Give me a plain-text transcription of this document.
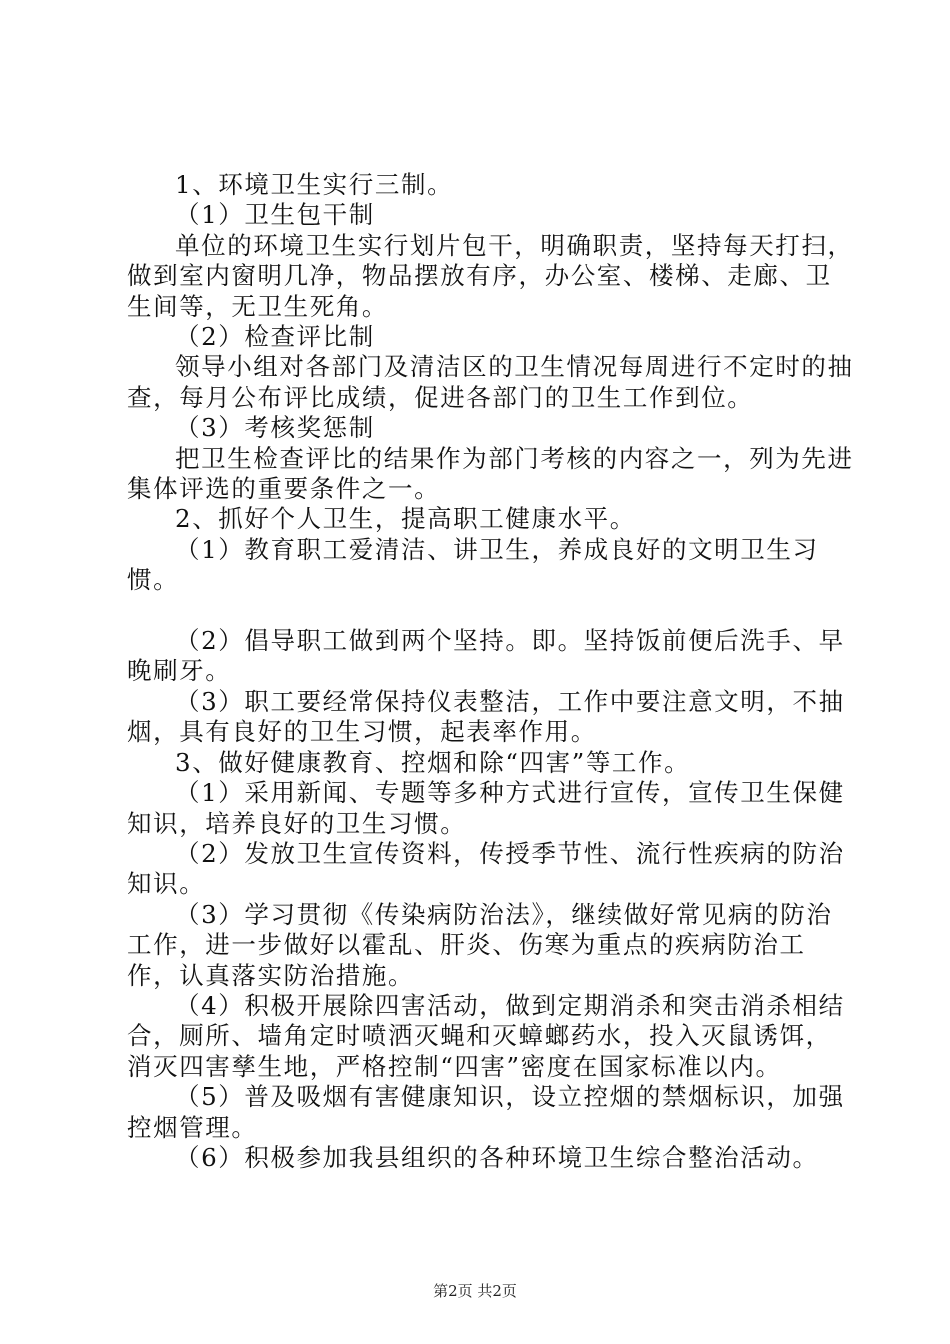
1、环境卫生实行三制。

（1）卫生包干制

单位的环境卫生实行划片包干，明确职责，坚持每天打扫，做到室内窗明几净，物品摆放有序，办公室、楼梯、走廊、卫生间等，无卫生死角。

（2）检查评比制

领导小组对各部门及清洁区的卫生情况每周进行不定时的抽查，每月公布评比成绩，促进各部门的卫生工作到位。

（3）考核奖惩制

把卫生检查评比的结果作为部门考核的内容之一，列为先进集体评选的重要条件之一。

2、抓好个人卫生，提高职工健康水平。

（1）教育职工爱清洁、讲卫生，养成良好的文明卫生习惯。

（2）倡导职工做到两个坚持。即。坚持饭前便后洗手、早晚刷牙。

（3）职工要经常保持仪表整洁，工作中要注意文明，不抽烟，具有良好的卫生习惯，起表率作用。

3、做好健康教育、控烟和除“四害”等工作。

（1）采用新闻、专题等多种方式进行宣传，宣传卫生保健知识，培养良好的卫生习惯。

（2）发放卫生宣传资料，传授季节性、流行性疾病的防治知识。

（3）学习贯彻《传染病防治法》，继续做好常见病的防治工作，进一步做好以霍乱、肝炎、伤寒为重点的疾病防治工作，认真落实防治措施。

（4）积极开展除四害活动，做到定期消杀和突击消杀相结合，厕所、墙角定时喷洒灭蝇和灭蟑螂药水，投入灭鼠诱饵，消灭四害孳生地，严格控制“四害”密度在国家标准以内。

（5）普及吸烟有害健康知识，设立控烟的禁烟标识，加强控烟管理。

（6）积极参加我县组织的各种环境卫生综合整治活动。

第2页 共2页
